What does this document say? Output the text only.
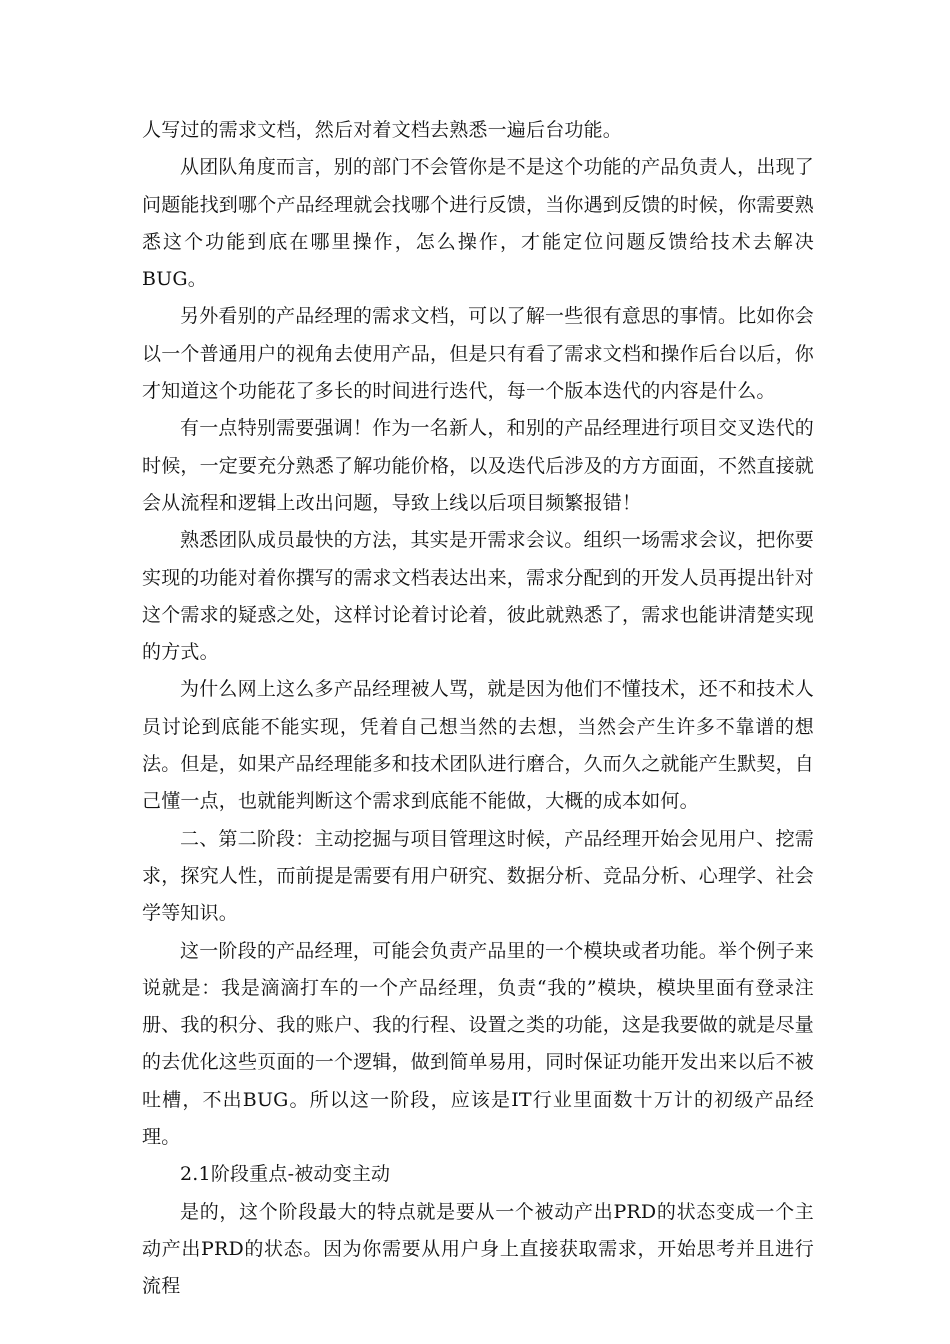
人写过的需求文档，然后对着文档去熟悉一遍后台功能。

从团队角度而言，别的部门不会管你是不是这个功能的产品负责人，出现了问题能找到哪个产品经理就会找哪个进行反馈，当你遇到反馈的时候，你需要熟悉这个功能到底在哪里操作，怎么操作，才能定位问题反馈给技术去解决BUG。

另外看别的产品经理的需求文档，可以了解一些很有意思的事情。比如你会以一个普通用户的视角去使用产品，但是只有看了需求文档和操作后台以后，你才知道这个功能花了多长的时间进行迭代，每一个版本迭代的内容是什么。

有一点特别需要强调！作为一名新人，和别的产品经理进行项目交叉迭代的时候，一定要充分熟悉了解功能价格，以及迭代后涉及的方方面面，不然直接就会从流程和逻辑上改出问题，导致上线以后项目频繁报错！

熟悉团队成员最快的方法，其实是开需求会议。组织一场需求会议，把你要实现的功能对着你撰写的需求文档表达出来，需求分配到的开发人员再提出针对这个需求的疑惑之处，这样讨论着讨论着，彼此就熟悉了，需求也能讲清楚实现的方式。

为什么网上这么多产品经理被人骂，就是因为他们不懂技术，还不和技术人员讨论到底能不能实现，凭着自己想当然的去想，当然会产生许多不靠谱的想法。但是，如果产品经理能多和技术团队进行磨合，久而久之就能产生默契，自己懂一点，也就能判断这个需求到底能不能做，大概的成本如何。

二、第二阶段：主动挖掘与项目管理这时候，产品经理开始会见用户、挖需求，探究人性，而前提是需要有用户研究、数据分析、竞品分析、心理学、社会学等知识。

这一阶段的产品经理，可能会负责产品里的一个模块或者功能。举个例子来说就是：我是滴滴打车的一个产品经理，负责“我的”模块，模块里面有登录注册、我的积分、我的账户、我的行程、设置之类的功能，这是我要做的就是尽量的去优化这些页面的一个逻辑，做到简单易用，同时保证功能开发出来以后不被吐槽，不出BUG。所以这一阶段，应该是IT行业里面数十万计的初级产品经理。

2.1阶段重点-被动变主动

是的，这个阶段最大的特点就是要从一个被动产出PRD的状态变成一个主动产出PRD的状态。因为你需要从用户身上直接获取需求，开始思考并且进行流程
